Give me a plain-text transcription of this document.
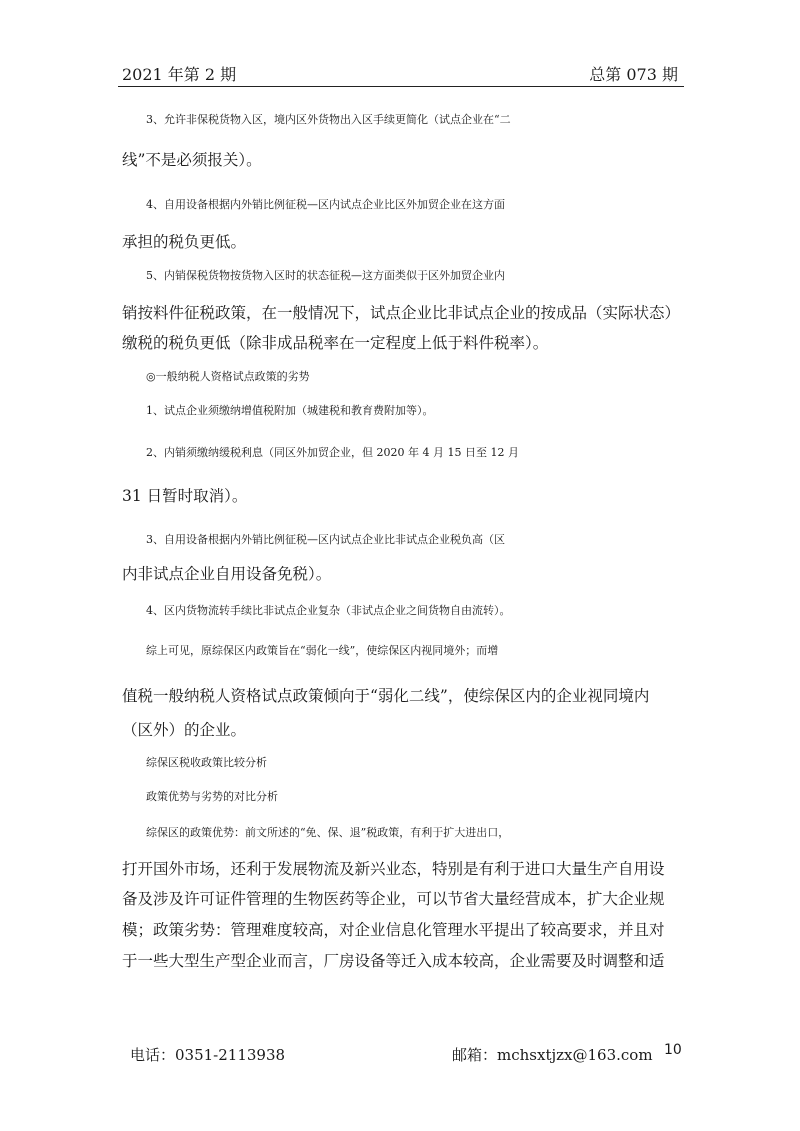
2021 年第 2 期	总第 073 期
3、允许非保税货物入区，境内区外货物出入区手续更简化（试点企业在“二
线”不是必须报关）。
4、自用设备根据内外销比例征税—区内试点企业比区外加贸企业在这方面
承担的税负更低。
5、内销保税货物按货物入区时的状态征税—这方面类似于区外加贸企业内
销按料件征税政策，在一般情况下，试点企业比非试点企业的按成品（实际状态）
缴税的税负更低（除非成品税率在一定程度上低于料件税率）。
◎一般纳税人资格试点政策的劣势
1、试点企业须缴纳增值税附加（城建税和教育费附加等）。
2、内销须缴纳缓税利息（同区外加贸企业，但 2020 年 4 月 15 日至 12 月
31 日暂时取消）。
3、自用设备根据内外销比例征税—区内试点企业比非试点企业税负高（区
内非试点企业自用设备免税）。
4、区内货物流转手续比非试点企业复杂（非试点企业之间货物自由流转）。
综上可见，原综保区内政策旨在“弱化一线”，使综保区内视同境外；而增
值税一般纳税人资格试点政策倾向于“弱化二线”，使综保区内的企业视同境内
（区外）的企业。
综保区税收政策比较分析
政策优势与劣势的对比分析
综保区的政策优势：前文所述的“免、保、退”税政策，有利于扩大进出口，
打开国外市场，还利于发展物流及新兴业态，特别是有利于进口大量生产自用设
备及涉及许可证件管理的生物医药等企业，可以节省大量经营成本，扩大企业规
模；政策劣势：管理难度较高，对企业信息化管理水平提出了较高要求，并且对
于一些大型生产型企业而言，厂房设备等迁入成本较高，企业需要及时调整和适
电话：0351-2113938	邮箱：mchsxtjzx@163.com 10
